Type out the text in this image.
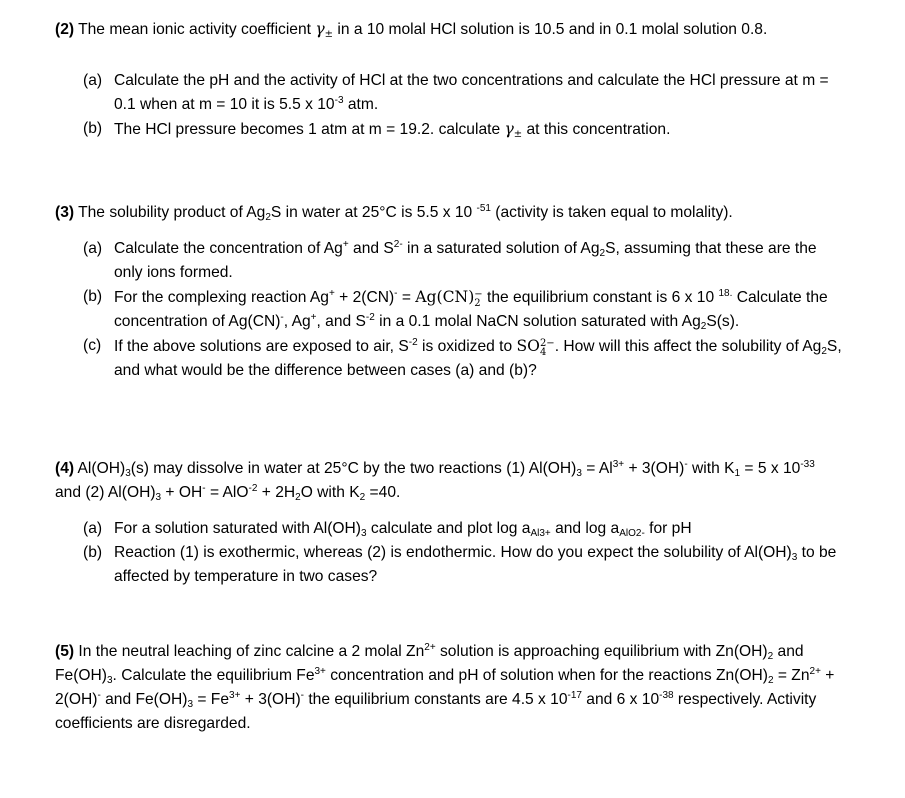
(2) The mean ionic activity coefficient $\gamma_\pm$ in a 10 molal HCl solution is 10.5 and in 0.1 molal solution 0.8.

(a) Calculate the pH and the activity of HCl at the two concentrations and calculate the HCl pressure at m = 0.1 when at m = 10 it is 5.5 x $10^{-3}$ atm.
(b) The HCl pressure becomes 1 atm at m = 19.2. calculate $\gamma_\pm$ at this concentration.

(3) The solubility product of $Ag_2S$ in water at 25°C is 5.5 x 10 $^{-51}$ (activity is taken equal to molality).

(a) Calculate the concentration of Ag+ and $S^{2-}$ in a saturated solution of $Ag_2S$, assuming that these are the only ions formed.
(b) For the complexing reaction Ag+ + 2(CN)- = Ag(CN) −
2 the equilibrium constant is 6 x 10 $^{18.}$ Calculate the concentration of Ag(CN)-, Ag+, and $S^{-2}$ in a 0.1 molal NaCN solution saturated with $Ag_2S(s)$.
(c) If the above solutions are exposed to air, $S^{-2}$ is oxidized to SO 2−
4 . How will this affect the solubility of $Ag_2S$, and what would be the difference between cases (a) and (b)?

(4) $Al(OH)_3(s)$ may dissolve in water at 25°C by the two reactions (1) $Al(OH)_3 = Al^{3+} + 3(OH)^-$ with $K_1 = 5$ x $10^{-33}$ and (2) $Al(OH)_3 + OH^- = AlO^{-2} + 2H_2O$ with $K_2 =40$.

(a) For a solution saturated with $Al(OH)_3$ calculate and plot $\log a_{Al3+}$ and $\log a_{AlO2-}$ for pH
(b) Reaction (1) is exothermic, whereas (2) is endothermic. How do you expect the solubility of $Al(OH)_3$ to be affected by temperature in two cases?

(5) In the neutral leaching of zinc calcine a 2 molal $Zn^{2+}$ solution is approaching equilibrium with $Zn(OH)_2$ and $Fe(OH)_3$. Calculate the equilibrium $Fe^{3+}$ concentration and pH of solution when for the reactions $Zn(OH)_2 = Zn^{2+} + 2(OH)^-$ and $Fe(OH)_3 = Fe^{3+} + 3(OH)^-$ the equilibrium constants are 4.5 x $10^{-17}$ and 6 x $10^{-38}$ respectively. Activity coefficients are disregarded.
